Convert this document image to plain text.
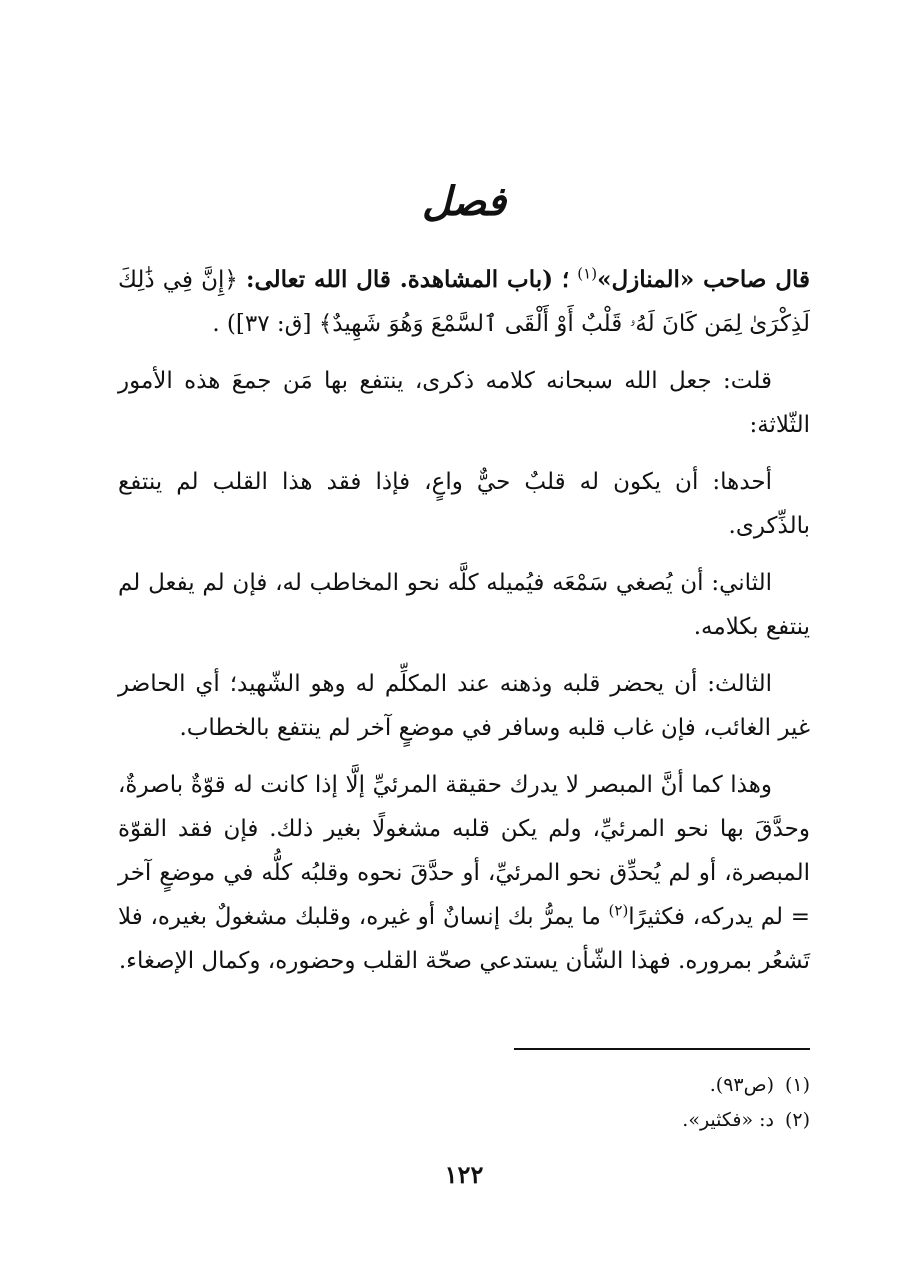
فصل

قال صاحب «المنازل»$^{(١)}$ ؛ (باب المشاهدة. قال الله تعالى: ﴿إِنَّ فِي ذَٰلِكَ لَذِكْرَىٰ لِمَن كَانَ لَهُۥ قَلْبٌ أَوْ أَلْقَى ٱلسَّمْعَ وَهُوَ شَهِيدٌ﴾ [ق: ٣٧]) .

قلت: جعل الله سبحانه كلامه ذكرى، ينتفع بها مَن جمعَ هذه الأمور الثّلاثة:

أحدها: أن يكون له قلبٌ حيٌّ واعٍ، فإذا فقد هذا القلب لم ينتفع بالذِّكرى.

الثاني: أن يُصغي سَمْعَه فيُميله كلَّه نحو المخاطب له، فإن لم يفعل لم ينتفع بكلامه.

الثالث: أن يحضر قلبه وذهنه عند المكلِّم له وهو الشّهيد؛ أي الحاضر غير الغائب، فإن غاب قلبه وسافر في موضعٍ آخر لم ينتفع بالخطاب.

وهذا كما أنَّ المبصر لا يدرك حقيقة المرئيِّ إلَّا إذا كانت له قوّةٌ باصرةٌ، وحدَّقَ بها نحو المرئيِّ، ولم يكن قلبه مشغولًا بغير ذلك. فإن فقد القوّة المبصرة، أو لم يُحدِّق نحو المرئيِّ، أو حدَّقَ نحوه وقلبُه كلُّه في موضعٍ آخر = لم يدركه، فكثيرًا$^{(٢)}$ ما يمرُّ بك إنسانٌ أو غيره، وقلبك مشغولٌ بغيره، فلا تَشعُر بمروره. فهذا الشّأن يستدعي صحّة القلب وحضوره، وكمال الإصغاء.

(١)(ص٩٣).
(٢)د: «فكثير».
١٢٢
